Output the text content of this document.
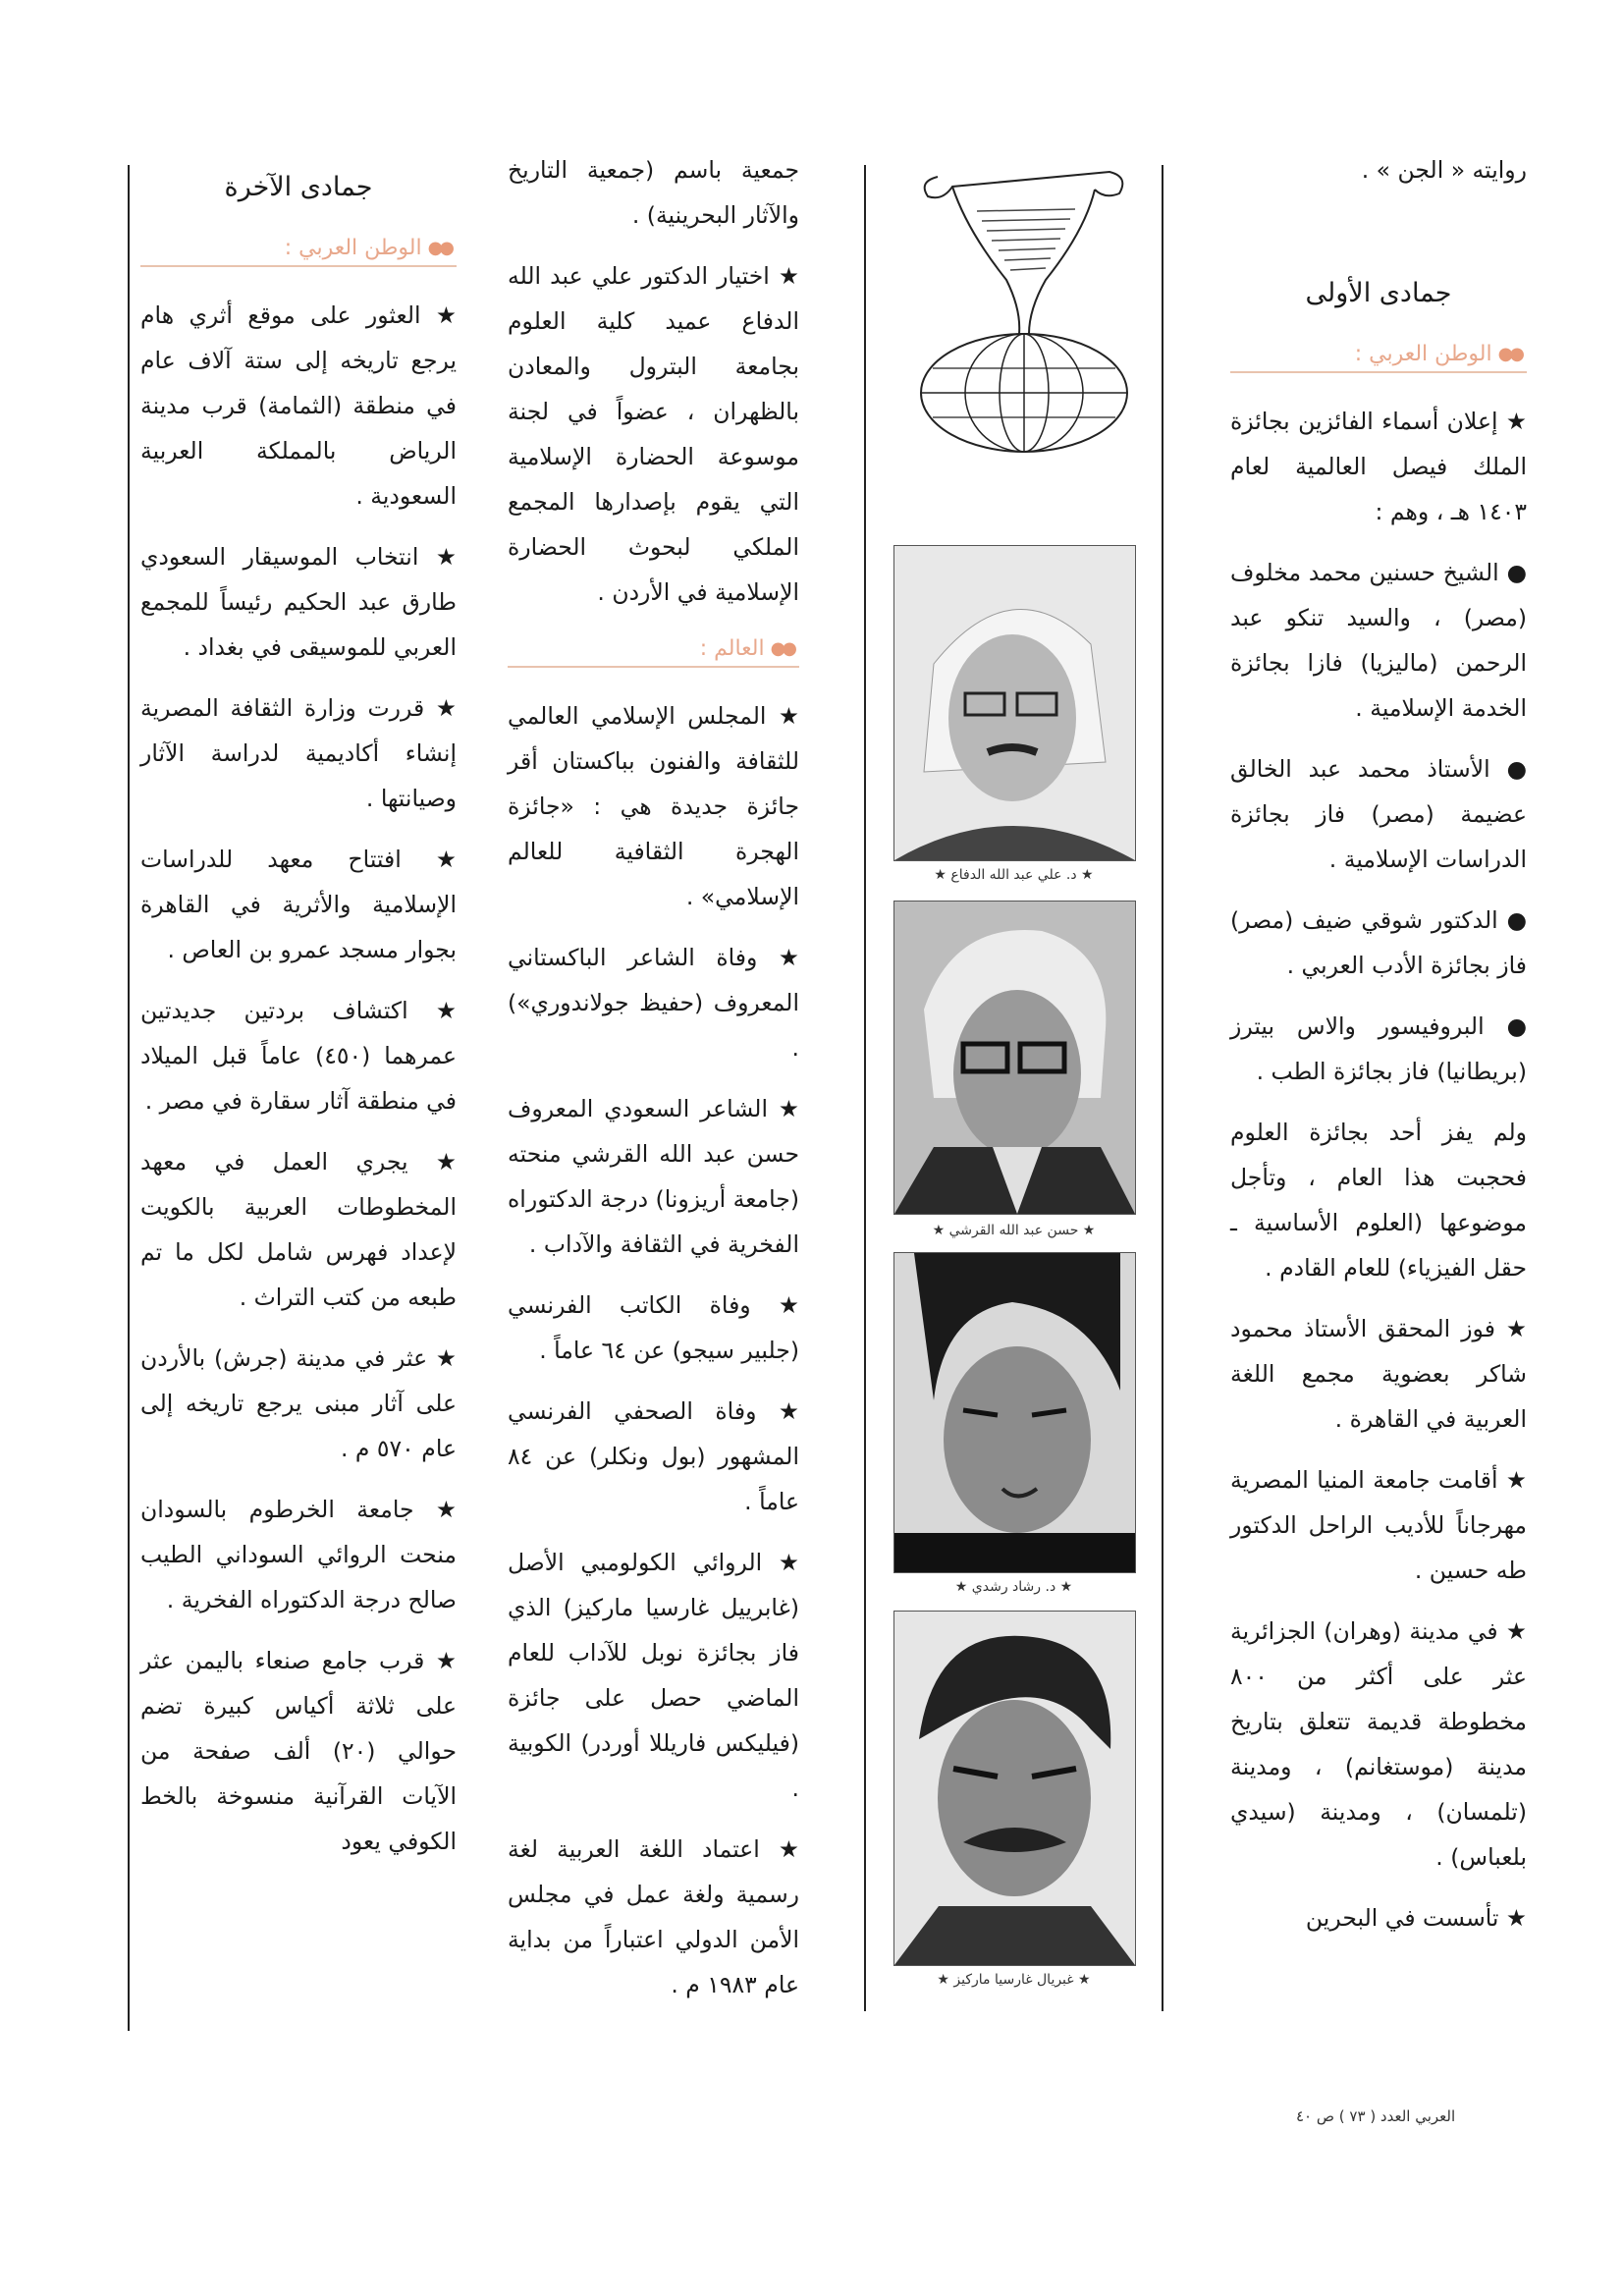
روايته « الجن » .

جمادى الأولى
●●
الوطن العربي :

★ إعلان أسماء الفائزين بجائزة الملك فيصل العالمية لعام ١٤٠٣ هـ ، وهم :

● الشيخ حسنين محمد مخلوف (مصر) ، والسيد تنكو عبد الرحمن (ماليزيا) فازا بجائزة الخدمة الإسلامية .

● الأستاذ محمد عبد الخالق عضيمة (مصر) فاز بجائزة الدراسات الإسلامية .

● الدكتور شوقي ضيف (مصر) فاز بجائزة الأدب العربي .

● البروفيسور والاس بيترز (بريطانيا) فاز بجائزة الطب .

ولم يفز أحد بجائزة العلوم فحجبت هذا العام ، وتأجل موضوعها (العلوم الأساسية ـ حقل الفيزياء) للعام القادم .

★ فوز المحقق الأستاذ محمود شاكر بعضوية مجمع اللغة العربية في القاهرة .

★ أقامت جامعة المنيا المصرية مهرجاناً للأديب الراحل الدكتور طه حسين .

★ في مدينة (وهران) الجزائرية عثر على أكثر من ٨٠٠ مخطوطة قديمة تتعلق بتاريخ مدينة (موستغانم) ، ومدينة (تلمسان) ، ومدينة (سيدي بلعباس) .

★ تأسست في البحرين

★ د. علي عبد الله الدفاع ★
★ حسن عبد الله القرشي ★
★ د. رشاد رشدي ★
★ غبريال غارسيا ماركيز ★

جمعية باسم (جمعية التاريخ والآثار البحرينية) .

★ اختيار الدكتور علي عبد الله الدفاع عميد كلية العلوم بجامعة البترول والمعادن بالظهران ، عضواً في لجنة موسوعة الحضارة الإسلامية التي يقوم بإصدارها المجمع الملكي لبحوث الحضارة الإسلامية في الأردن .

●●
العالم :

★ المجلس الإسلامي العالمي للثقافة والفنون بباكستان أقر جائزة جديدة هي : «جائزة الهجرة الثقافية للعالم الإسلامي» .

★ وفاة الشاعر الباكستاني المعروف (حفيظ جولاندوري») .

★ الشاعر السعودي المعروف حسن عبد الله القرشي منحته (جامعة أريزونا) درجة الدكتوراه الفخرية في الثقافة والآداب .

★ وفاة الكاتب الفرنسي (جلبير سيجو) عن ٦٤ عاماً .

★ وفاة الصحفي الفرنسي المشهور (بول ونكلر) عن ٨٤ عاماً .

★ الروائي الكولومبي الأصل (غابرييل غارسيا ماركيز) الذي فاز بجائزة نوبل للآداب للعام الماضي حصل على جائزة (فيليكس فاريللا أوردر) الكوبية .

★ اعتماد اللغة العربية لغة رسمية ولغة عمل في مجلس الأمن الدولي اعتباراً من بداية عام ١٩٨٣ م .

جمادى الآخرة
●●
الوطن العربي :

★ العثور على موقع أثري هام يرجع تاريخه إلى ستة آلاف عام في منطقة (الثمامة) قرب مدينة الرياض بالمملكة العربية السعودية .

★ انتخاب الموسيقار السعودي طارق عبد الحكيم رئيساً للمجمع العربي للموسيقى في بغداد .

★ قررت وزارة الثقافة المصرية إنشاء أكاديمية لدراسة الآثار وصيانتها .

★ افتتاح معهد للدراسات الإسلامية والأثرية في القاهرة بجوار مسجد عمرو بن العاص .

★ اكتشاف بردتين جديدتين عمرهما (٤٥٠) عاماً قبل الميلاد في منطقة آثار سقارة في مصر .

★ يجري العمل في معهد المخطوطات العربية بالكويت لإعداد فهرس شامل لكل ما تم طبعه من كتب التراث .

★ عثر في مدينة (جرش) بالأردن على آثار مبنى يرجع تاريخه إلى عام ٥٧٠ م .

★ جامعة الخرطوم بالسودان منحت الروائي السوداني الطيب صالح درجة الدكتوراه الفخرية .

★ قرب جامع صنعاء باليمن عثر على ثلاثة أكياس كبيرة تضم حوالي (٢٠) ألف صفحة من الآيات القرآنية منسوخة بالخط الكوفي يعود

العربي العدد ( ٧٣ ) ص ٤٠
